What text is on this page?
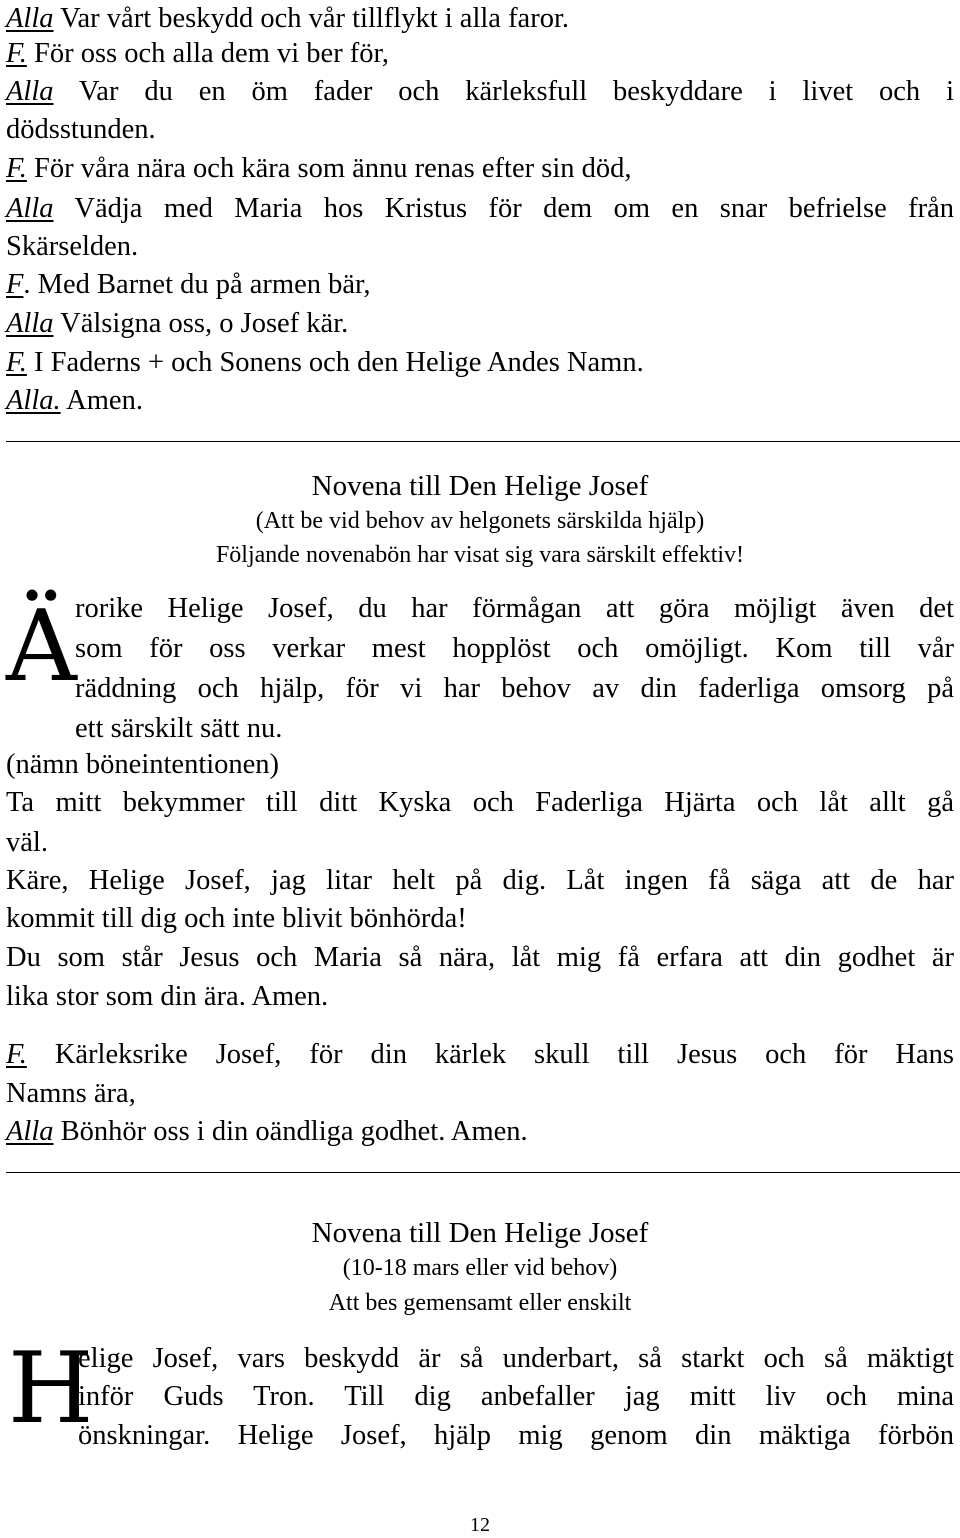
Alla Var vårt beskydd och vår tillflykt i alla faror.
F. För oss och alla dem vi ber för,
Alla Var du en öm fader och kärleksfull beskyddare i livet och i
dödsstunden.
F. För våra nära och kära som ännu renas efter sin död,
Alla Vädja med Maria hos Kristus för dem om en snar befrielse från
Skärselden.
F. Med Barnet du på armen bär,
Alla Välsigna oss, o Josef kär.
F. I Faderns + och Sonens och den Helige Andes Namn.
Alla. Amen.
Novena till Den Helige Josef
(Att be vid behov av helgonets särskilda hjälp)
Följande novenabön har visat sig vara särskilt effektiv!
Ä
rorike Helige Josef, du har förmågan att göra möjligt även det
som för oss verkar mest hopplöst och omöjligt. Kom till vår
räddning och hjälp, för vi har behov av din faderliga omsorg på
ett särskilt sätt nu.
(nämn böneintentionen)
Ta mitt bekymmer till ditt Kyska och Faderliga Hjärta och låt allt gå
väl.
Käre, Helige Josef, jag litar helt på dig. Låt ingen få säga att de har
kommit till dig och inte blivit bönhörda!
Du som står Jesus och Maria så nära, låt mig få erfara att din godhet är
lika stor som din ära. Amen.
F. Kärleksrike Josef, för din kärlek skull till Jesus och för Hans
Namns ära,
Alla Bönhör oss i din oändliga godhet. Amen.
Novena till Den Helige Josef
(10-18 mars eller vid behov)
Att bes gemensamt eller enskilt
H
elige Josef, vars beskydd är så underbart, så starkt och så mäktigt
inför Guds Tron. Till dig anbefaller jag mitt liv och mina
önskningar. Helige Josef, hjälp mig genom din mäktiga förbön
12
